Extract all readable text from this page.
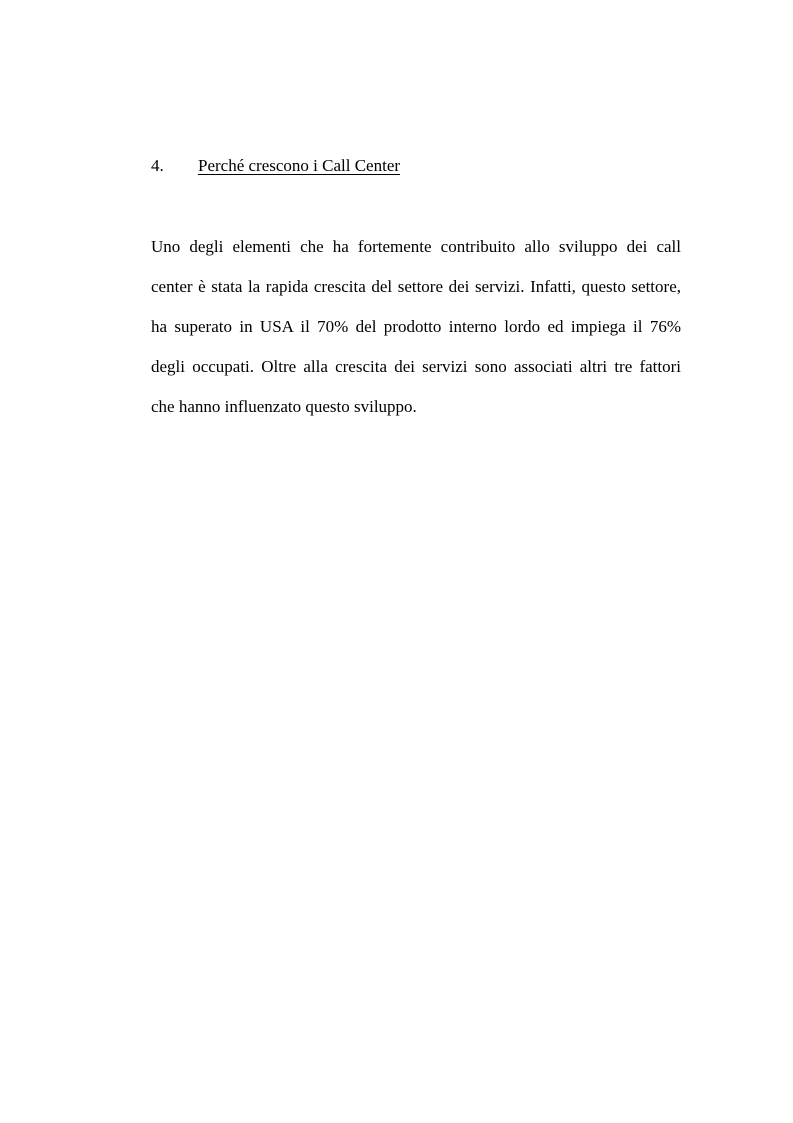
4. Perché crescono i Call Center
Uno degli elementi che ha fortemente contribuito allo sviluppo dei call
center è stata la rapida crescita del settore dei servizi. Infatti, questo settore,
ha superato in USA il 70% del prodotto interno lordo ed impiega il 76%
degli occupati. Oltre alla crescita dei servizi sono associati altri tre fattori
che hanno influenzato questo sviluppo.
